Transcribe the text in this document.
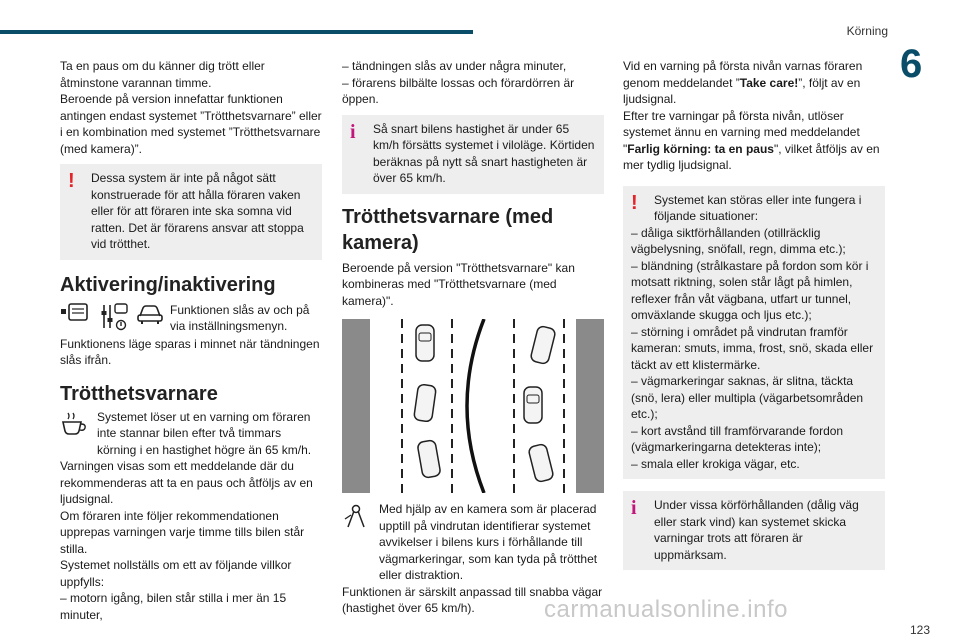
Körning
6

Ta en paus om du känner dig trött eller åtminstone varannan timme.

Beroende på version innefattar funktionen antingen endast systemet ”Trötthetsvarnare” eller i en kombination med systemet ”Trötthetsvarnare (med kamera)”.

! Dessa system är inte på något sätt konstruerade för att hålla föraren vaken eller för att föraren inte ska somna vid ratten. Det är förarens ansvar att stoppa vid trötthet.

Aktivering/inaktivering

Funktionen slås av och på via inställningsmenyn.

Funktionens läge sparas i minnet när tändningen slås ifrån.

Trötthetsvarnare

Systemet löser ut en varning om föraren inte stannar bilen efter två timmars körning i en hastighet högre än 65 km/h.

Varningen visas som ett meddelande där du rekommenderas att ta en paus och åtföljs av en ljudsignal.

Om föraren inte följer rekommendationen upprepas varningen varje timme tills bilen står stilla.

Systemet nollställs om ett av följande villkor uppfylls:

– motorn igång, bilen står stilla i mer än 15 minuter,

– tändningen slås av under några minuter,

– förarens bilbälte lossas och förardörren är öppen.

i Så snart bilens hastighet är under 65 km/h försätts systemet i viloläge. Körtiden beräknas på nytt så snart hastigheten är över 65 km/h.

Trötthetsvarnare (med kamera)

Beroende på version "Trötthetsvarnare" kan kombineras med "Trötthetsvarnare (med kamera)".

Med hjälp av en kamera som är placerad upptill på vindrutan identifierar systemet avvikelser i bilens kurs i förhållande till vägmarkeringar, som kan tyda på trötthet eller distraktion.

Funktionen är särskilt anpassad till snabba vägar (hastighet över 65 km/h).

Vid en varning på första nivån varnas föraren genom meddelandet ”Take care!”, följt av en ljudsignal.

Efter tre varningar på första nivån, utlöser systemet ännu en varning med meddelandet "Farlig körning: ta en paus", vilket åtföljs av en mer tydlig ljudsignal.

! Systemet kan störas eller inte fungera i följande situationer:

– dåliga siktförhållanden (otillräcklig vägbelysning, snöfall, regn, dimma etc.);

– bländning (strålkastare på fordon som kör i motsatt riktning, solen står lågt på himlen, reflexer från våt vägbana, utfart ur tunnel, omväxlande skugga och ljus etc.);

– störning i området på vindrutan framför kameran: smuts, imma, frost, snö, skada eller täckt av ett klistermärke.

– vägmarkeringar saknas, är slitna, täckta (snö, lera) eller multipla (vägarbetsområden etc.);

– kort avstånd till framförvarande fordon (vägmarkeringarna detekteras inte);

– smala eller krokiga vägar, etc.

i Under vissa körförhållanden (dålig väg eller stark vind) kan systemet skicka varningar trots att föraren är uppmärksam.

carmanualsonline.info
123
